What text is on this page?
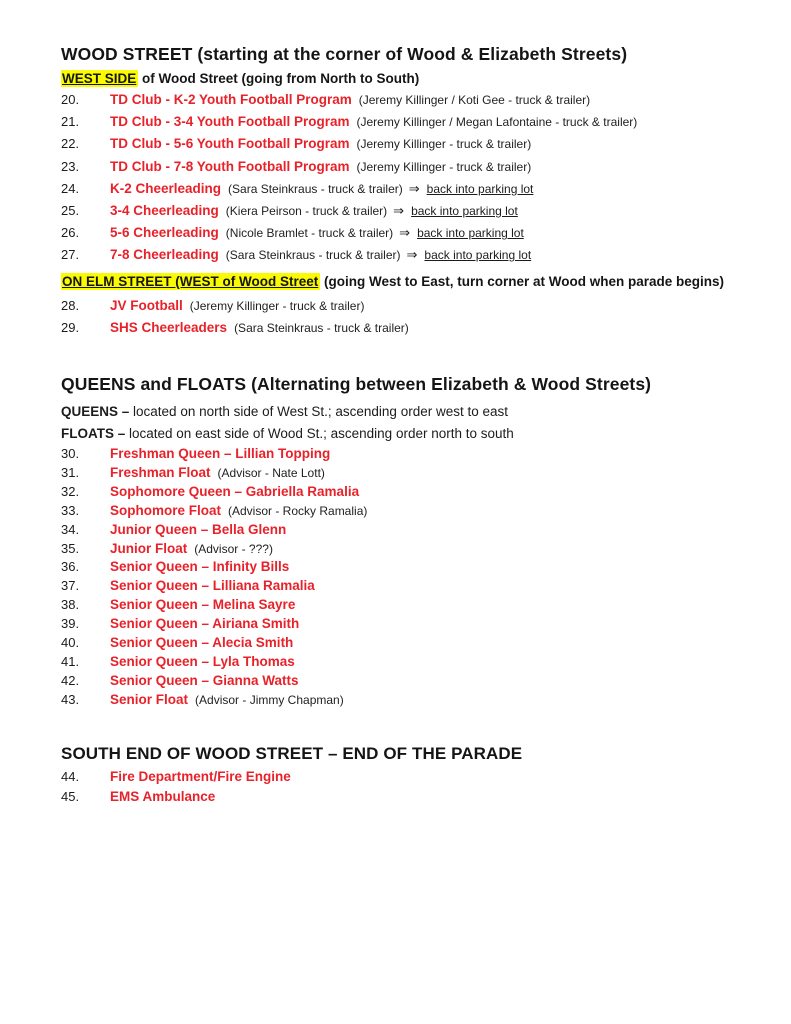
WOOD STREET (starting at the corner of Wood & Elizabeth Streets)
WEST SIDE of Wood Street (going from North to South)
20. TD Club - K-2 Youth Football Program (Jeremy Killinger / Koti Gee - truck & trailer)
21. TD Club - 3-4 Youth Football Program (Jeremy Killinger / Megan Lafontaine - truck & trailer)
22. TD Club - 5-6 Youth Football Program (Jeremy Killinger - truck & trailer)
23. TD Club - 7-8 Youth Football Program (Jeremy Killinger - truck & trailer)
24. K-2 Cheerleading (Sara Steinkraus - truck & trailer) ⇒ back into parking lot
25. 3-4 Cheerleading (Kiera Peirson - truck & trailer) ⇒ back into parking lot
26. 5-6 Cheerleading (Nicole Bramlet - truck & trailer) ⇒ back into parking lot
27. 7-8 Cheerleading (Sara Steinkraus - truck & trailer) ⇒ back into parking lot
ON ELM STREET (WEST of Wood Street (going West to East, turn corner at Wood when parade begins)
28. JV Football (Jeremy Killinger - truck & trailer)
29. SHS Cheerleaders (Sara Steinkraus - truck & trailer)
QUEENS and FLOATS (Alternating between Elizabeth & Wood Streets)
QUEENS – located on north side of West St.; ascending order west to east
FLOATS – located on east side of Wood St.; ascending order north to south
30. Freshman Queen – Lillian Topping
31. Freshman Float (Advisor - Nate Lott)
32. Sophomore Queen – Gabriella Ramalia
33. Sophomore Float (Advisor - Rocky Ramalia)
34. Junior Queen – Bella Glenn
35. Junior Float (Advisor - ???)
36. Senior Queen – Infinity Bills
37. Senior Queen – Lilliana Ramalia
38. Senior Queen – Melina Sayre
39. Senior Queen – Airiana Smith
40. Senior Queen – Alecia Smith
41. Senior Queen – Lyla Thomas
42. Senior Queen – Gianna Watts
43. Senior Float (Advisor - Jimmy Chapman)
SOUTH END OF WOOD STREET – END OF THE PARADE
44. Fire Department/Fire Engine
45. EMS Ambulance
